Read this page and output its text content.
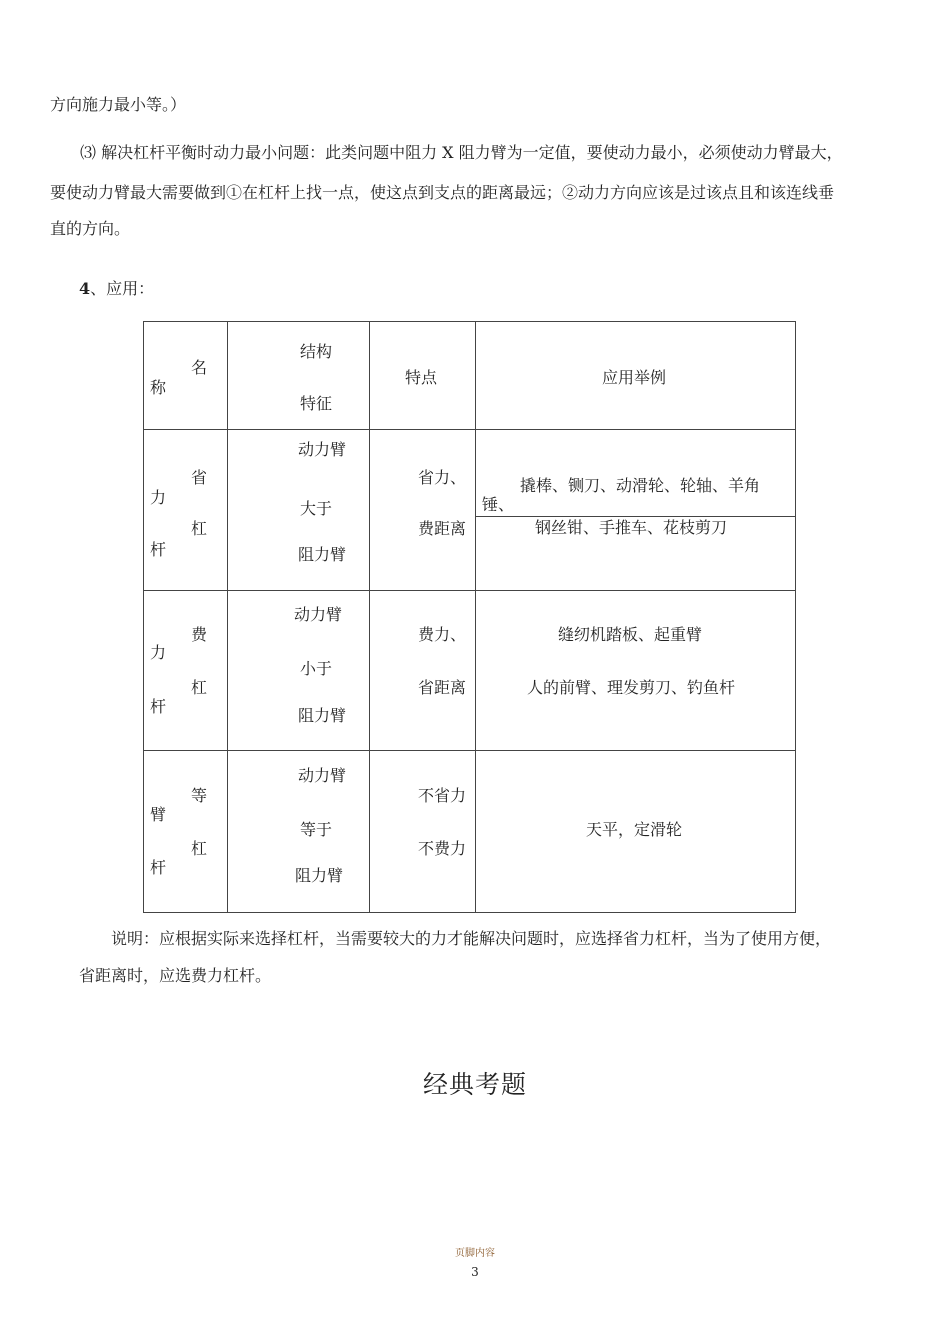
方向施力最小等。）
⑶ 解决杠杆平衡时动力最小问题：此类问题中阻力 X 阻力臂为一定值，要使动力最小，必须使动力臂最大，
要使动力臂最大需要做到①在杠杆上找一点，使这点到支点的距离最远；②动力方向应该是过该点且和该连线垂
直的方向。
4、应用：
名
称
结构
特征
特点	应用举例
省
力
杠
杆
动力臂
大于
阻力臂
省力、
费距离
撬棒、铡刀、动滑轮、轮轴、羊角
锤、
钢丝钳、手推车、花枝剪刀
费
力
杠
杆
动力臂
小于
阻力臂
费力、
省距离
缝纫机踏板、起重臂
人的前臂、理发剪刀、钓鱼杆
等
臂
杠
杆
动力臂
等于
阻力臂
不省力
不费力
天平，定滑轮
说明：应根据实际来选择杠杆，当需要较大的力才能解决问题时，应选择省力杠杆，当为了使用方便，
省距离时，应选费力杠杆。
经典考题
页脚内容
3
